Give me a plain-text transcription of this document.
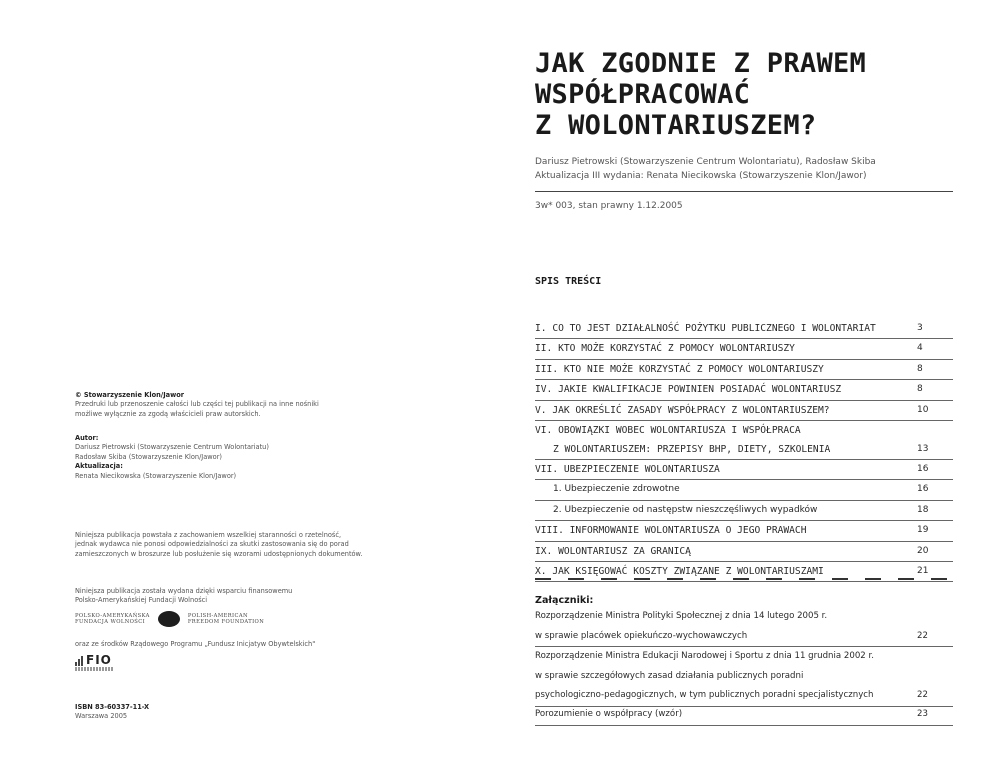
© Stowarzyszenie Klon/Jawor
Przedruki lub przenoszenie całości lub części tej publikacji na inne nośniki
możliwe wyłącznie za zgodą właścicieli praw autorskich.
Autor:
Dariusz Pietrowski (Stowarzyszenie Centrum Wolontariatu)
Radosław Skiba (Stowarzyszenie Klon/Jawor)
Aktualizacja:
Renata Niecikowska (Stowarzyszenie Klon/Jawor)
Niniejsza publikacja powstała z zachowaniem wszelkiej staranności o rzetelność,
jednak wydawca nie ponosi odpowiedzialności za skutki zastosowania się do porad
zamieszczonych w broszurze lub posłużenie się wzorami udostępnionych dokumentów.
Niniejsza publikacja została wydana dzięki wsparciu finansowemu
Polsko-Amerykańskiej Fundacji Wolności
POLSKO-AMERYKAŃSKA
FUNDACJA WOLNOŚCI
POLISH-AMERICAN
FREEDOM FOUNDATION
oraz ze środków Rządowego Programu „Fundusz Inicjatyw Obywtelskich"
FIO
ISBN 83-60337-11-X
Warszawa 2005
JAK ZGODNIE Z PRAWEM
WSPÓŁPRACOWAĆ
Z WOLONTARIUSZEM?
Dariusz Pietrowski (Stowarzyszenie Centrum Wolontariatu), Radosław Skiba
Aktualizacja III wydania: Renata Niecikowska (Stowarzyszenie Klon/Jawor)
3w* 003, stan prawny 1.12.2005
SPIS TREŚCI
I. CO TO JEST DZIAŁALNOŚĆ POŻYTKU PUBLICZNEGO I WOLONTARIAT	3
II. KTO MOŻE KORZYSTAĆ Z POMOCY WOLONTARIUSZY	4
III. KTO NIE MOŻE KORZYSTAĆ Z POMOCY WOLONTARIUSZY	8
IV. JAKIE KWALIFIKACJE POWINIEN POSIADAĆ WOLONTARIUSZ	8
V. JAK OKREŚLIĆ ZASADY WSPÓŁPRACY Z WOLONTARIUSZEM?	10
VI. OBOWIĄZKI WOBEC WOLONTARIUSZA I WSPÓŁPRACA
Z WOLONTARIUSZEM: PRZEPISY BHP, DIETY, SZKOLENIA	13
VII. UBEZPIECZENIE WOLONTARIUSZA	16
1. Ubezpieczenie zdrowotne	16
2. Ubezpieczenie od następstw nieszczęśliwych wypadków	18
VIII. INFORMOWANIE WOLONTARIUSZA O JEGO PRAWACH	19
IX. WOLONTARIUSZ ZA GRANICĄ	20
X. JAK KSIĘGOWAĆ KOSZTY ZWIĄZANE Z WOLONTARIUSZAMI	21
Załączniki:
Rozporządzenie Ministra Polityki Społecznej z dnia 14 lutego 2005 r.
w sprawie placówek opiekuńczo-wychowawczych	22
Rozporządzenie Ministra Edukacji Narodowej i Sportu z dnia 11 grudnia 2002 r.
w sprawie szczegółowych zasad działania publicznych poradni
psychologiczno-pedagogicznych, w tym publicznych poradni specjalistycznych	22
Porozumienie o współpracy (wzór)	23
